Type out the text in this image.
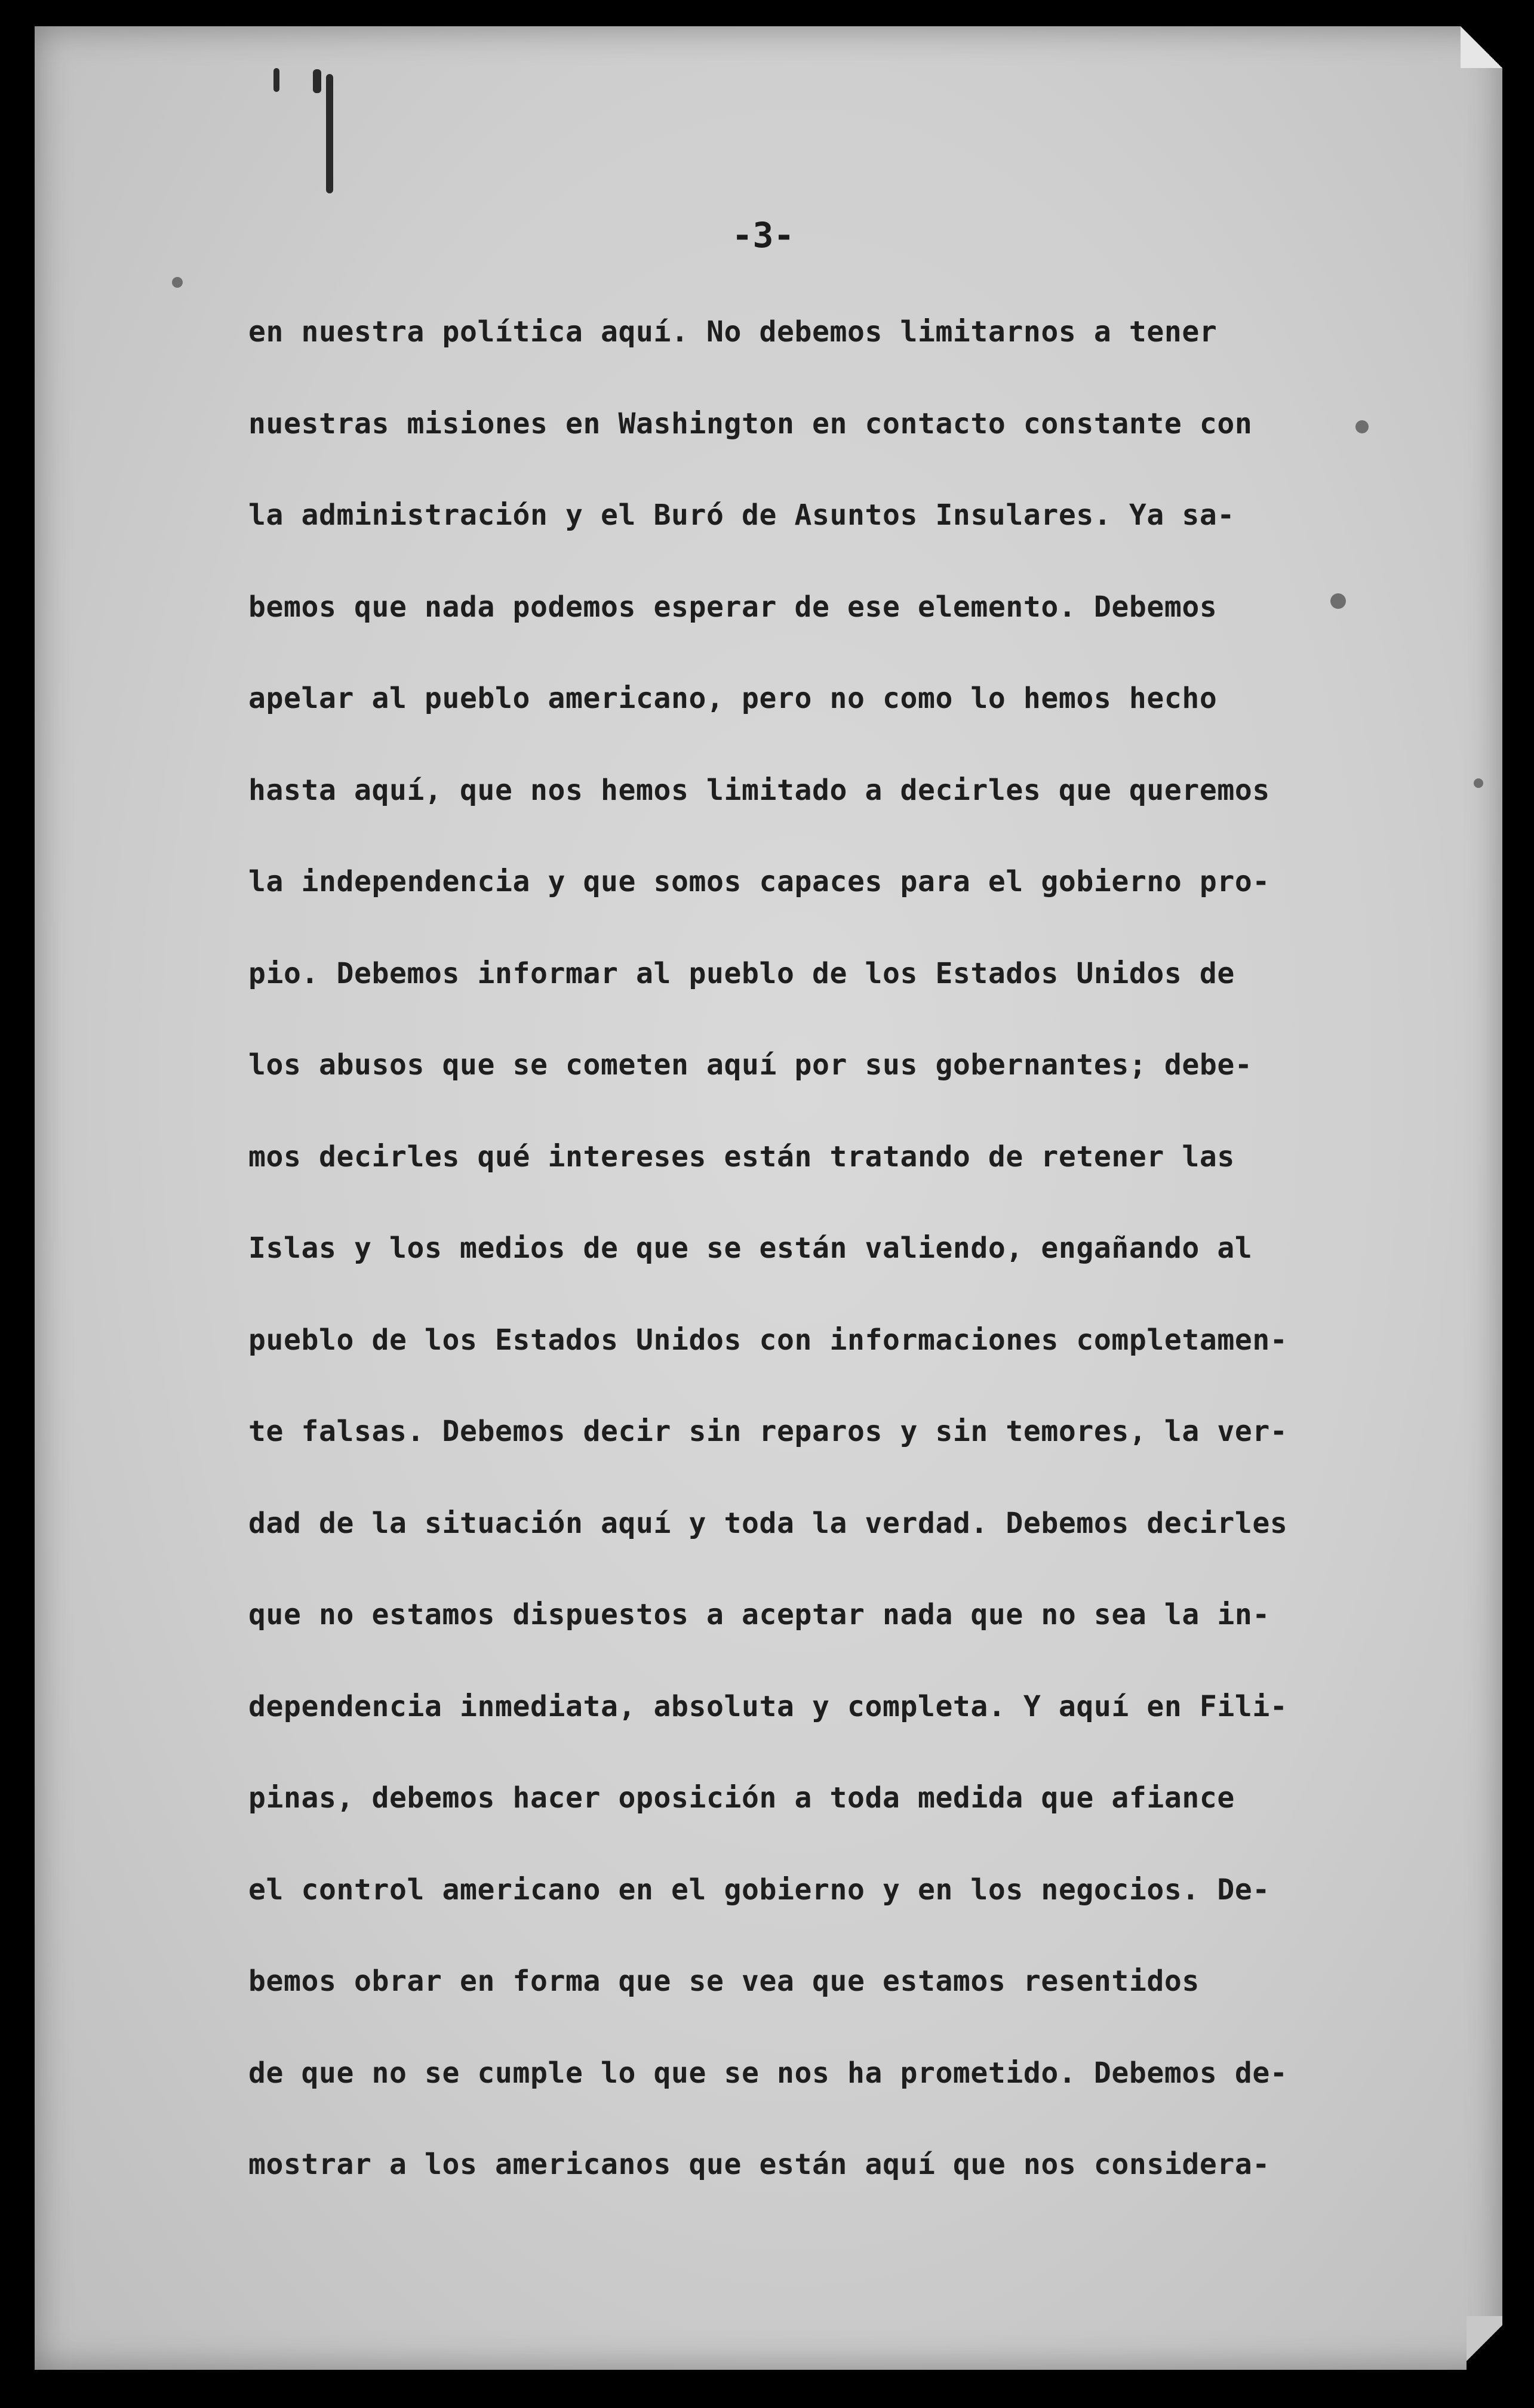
-3-
en nuestra política aquí. No debemos limitarnos a tener
nuestras misiones en Washington en contacto constante con
la administración y el Buró de Asuntos Insulares. Ya sa-
bemos que nada podemos esperar de ese elemento. Debemos
apelar al pueblo americano, pero no como lo hemos hecho
hasta aquí, que nos hemos limitado a decirles que queremos
la independencia y que somos capaces para el gobierno pro-
pio. Debemos informar al pueblo de los Estados Unidos de
los abusos que se cometen aquí por sus gobernantes; debe-
mos decirles qué intereses están tratando de retener las
Islas y los medios de que se están valiendo, engañando al
pueblo de los Estados Unidos con informaciones completamen-
te falsas. Debemos decir sin reparos y sin temores, la ver-
dad de la situación aquí y toda la verdad. Debemos decirles
que no estamos dispuestos a aceptar nada que no sea la in-
dependencia inmediata, absoluta y completa. Y aquí en Fili-
pinas, debemos hacer oposición a toda medida que afiance
el control americano en el gobierno y en los negocios. De-
bemos obrar en forma que se vea que estamos resentidos
de que no se cumple lo que se nos ha prometido. Debemos de-
mostrar a los americanos que están aquí que nos considera-
